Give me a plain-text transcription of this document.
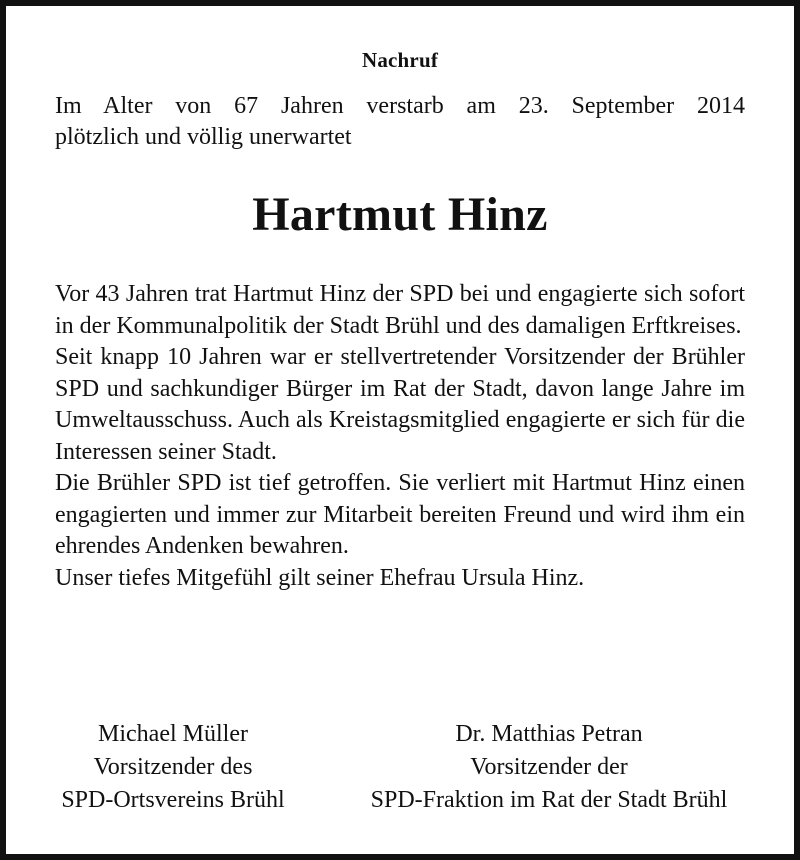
Nachruf
Im Alter von 67 Jahren verstarb am 23. September 2014
plötzlich und völlig unerwartet
Hartmut Hinz

Vor 43 Jahren trat Hartmut Hinz der SPD bei und engagierte sich sofort in der Kommunalpolitik der Stadt Brühl und des damaligen Erftkreises.

Seit knapp 10 Jahren war er stellvertretender Vorsitzender der Brühler SPD und sachkundiger Bürger im Rat der Stadt, davon lange Jahre im Umweltausschuss. Auch als Kreistagsmitglied engagierte er sich für die Interessen seiner Stadt.

Die Brühler SPD ist tief getroffen. Sie verliert mit Hartmut Hinz einen engagierten und immer zur Mitarbeit bereiten Freund und wird ihm ein ehrendes Andenken bewahren.

Unser tiefes Mitgefühl gilt seiner Ehefrau Ursula Hinz.

Michael Müller
Vorsitzender des
SPD-Ortsvereins Brühl
Dr. Matthias Petran
Vorsitzender der
SPD-Fraktion im Rat der Stadt Brühl
